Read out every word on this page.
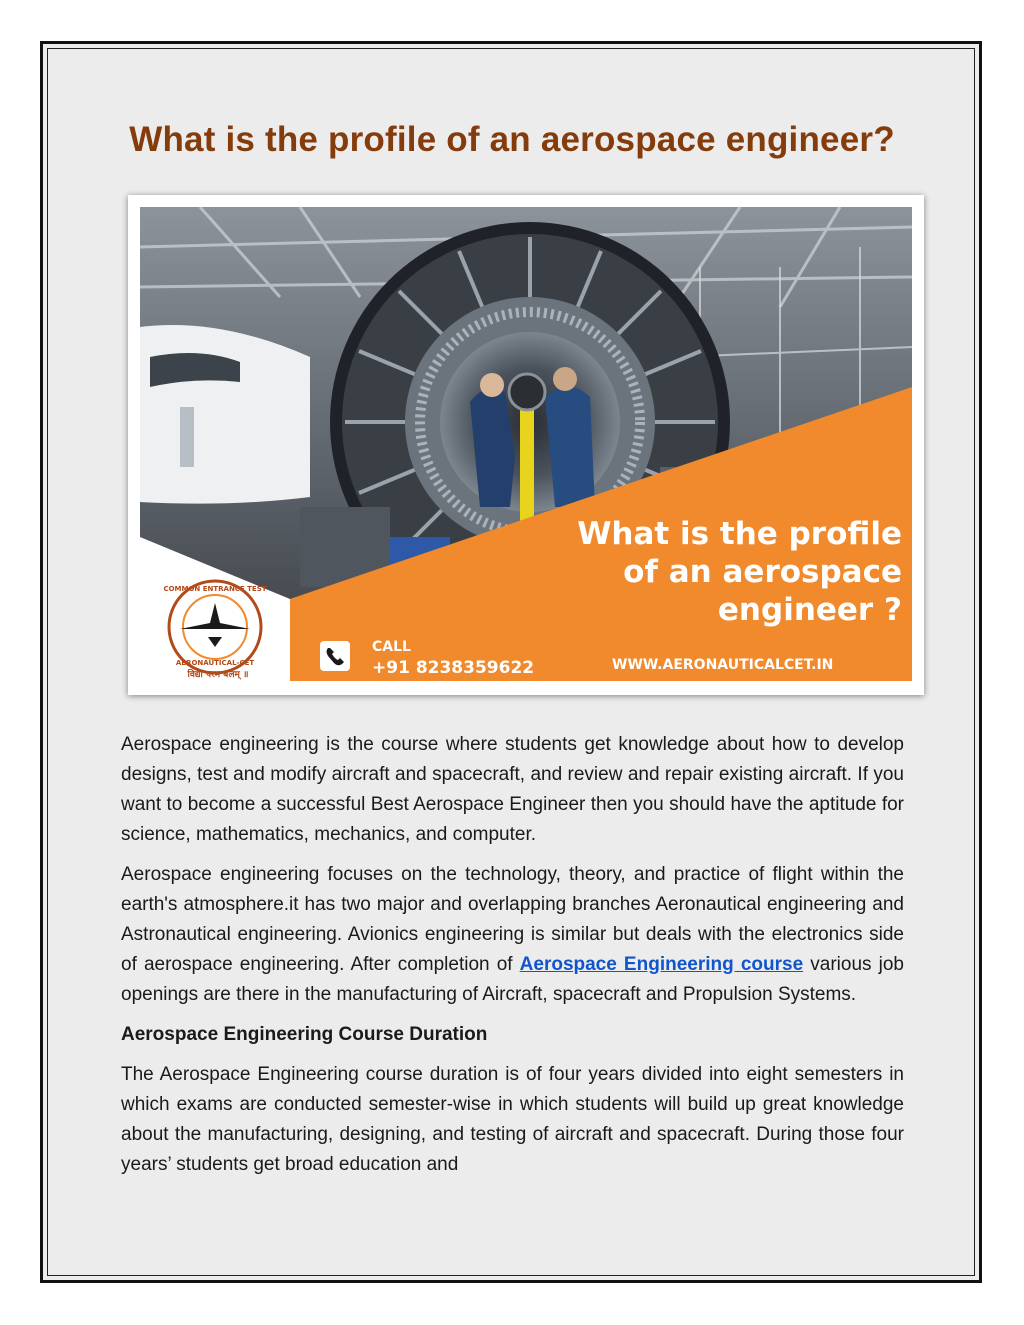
What is the profile of an aerospace engineer?
What is the profile
of an aerospace
engineer ?
CALL
+91 8238359622	WWW.AERONAUTICALCET.IN
COMMON ENTRANCE TEST
AERONAUTICAL-CET
विद्या परम बलम् ॥

Aerospace engineering is the course where students get knowledge about how to develop designs, test and modify aircraft and spacecraft, and review and repair existing aircraft. If you want to become a successful Best Aerospace Engineer then you should have the aptitude for science, mathematics, mechanics, and computer.

Aerospace engineering focuses on the technology, theory, and practice of flight within the earth's atmosphere.it has two major and overlapping branches Aeronautical engineering and Astronautical engineering. Avionics engineering is similar but deals with the electronics side of aerospace engineering. After completion of Aerospace Engineering course various job openings are there in the manufacturing of Aircraft, spacecraft and Propulsion Systems.

Aerospace Engineering Course Duration

The Aerospace Engineering course duration is of four years divided into eight semesters in which exams are conducted semester-wise in which students will build up great knowledge about the manufacturing, designing, and testing of aircraft and spacecraft. During those four years’ students get broad education and
